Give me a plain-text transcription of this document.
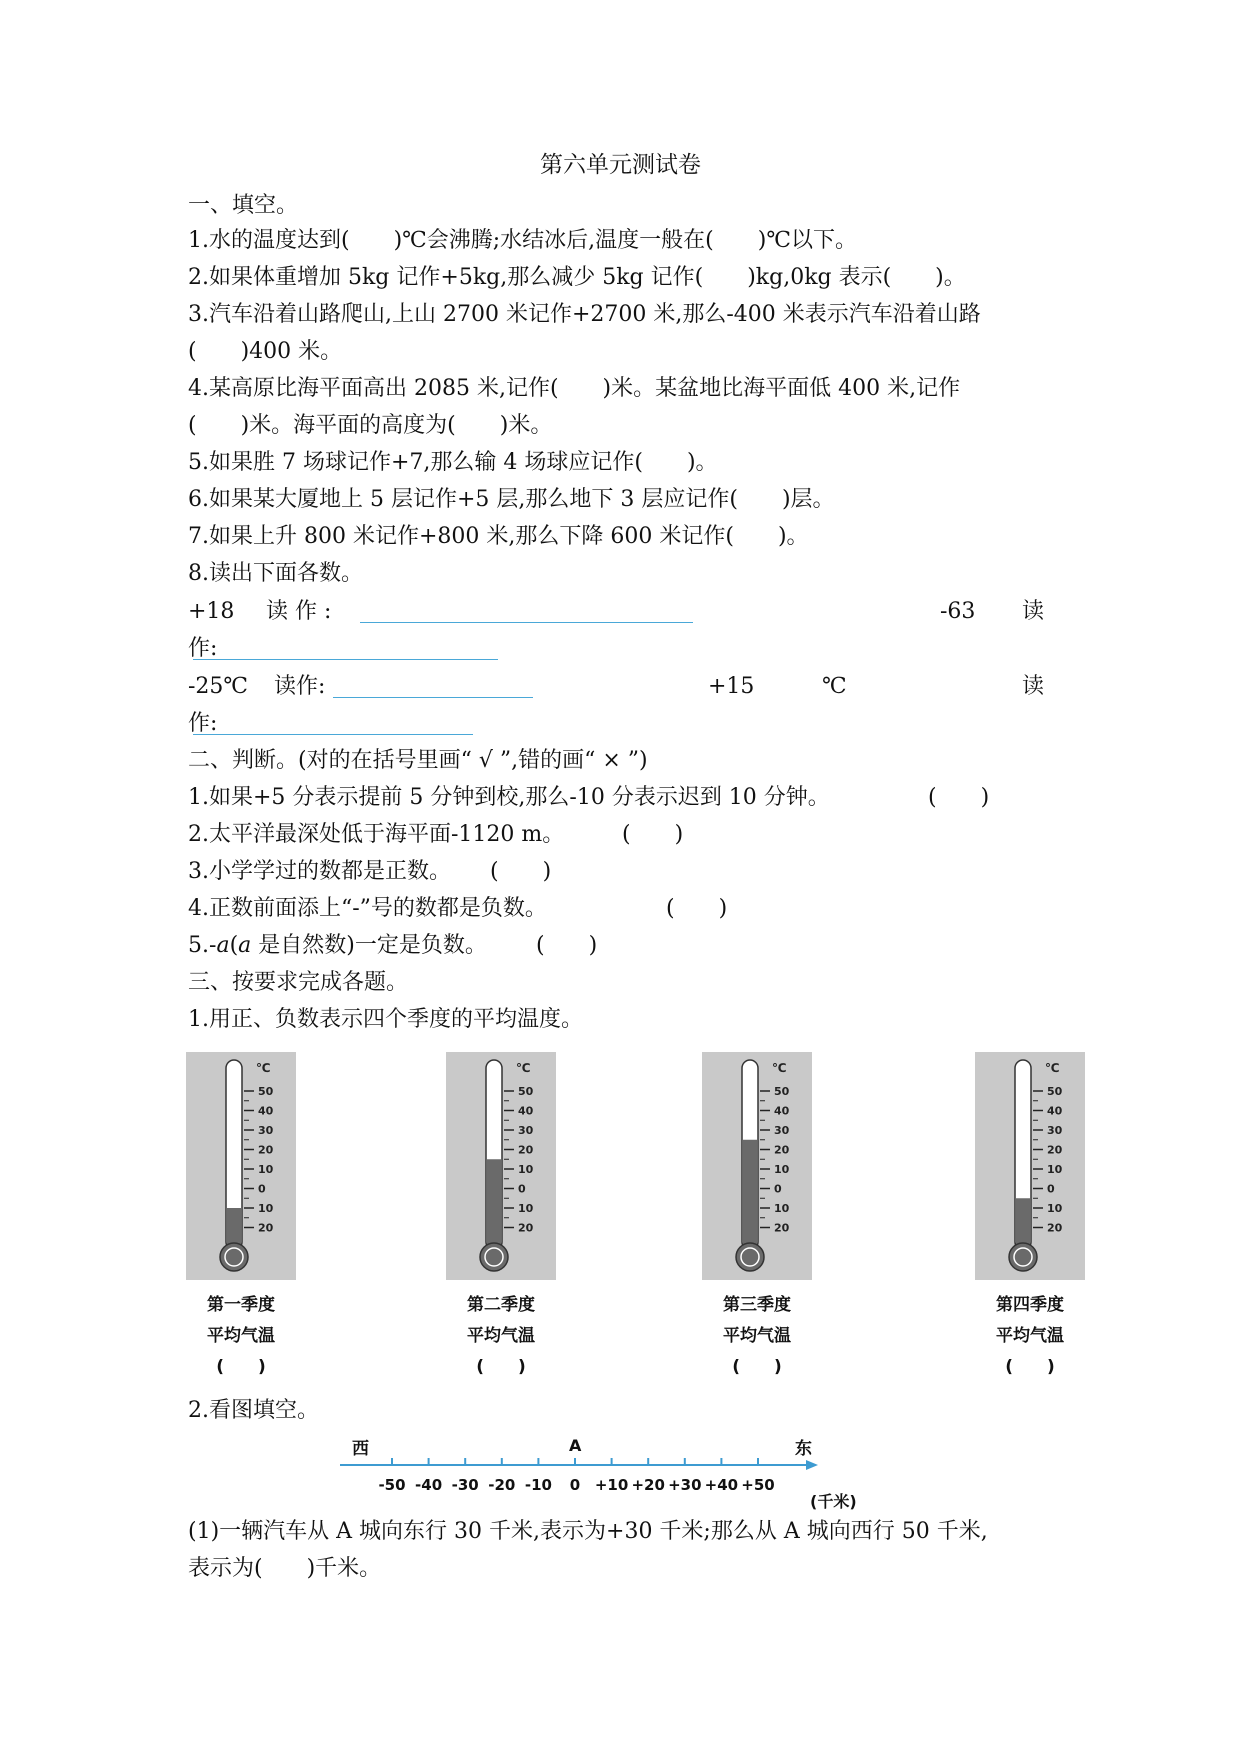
第六单元测试卷
一、填空。
1.水的温度达到(　　)℃会沸腾;水结冰后,温度一般在(　　)℃以下。
2.如果体重增加 5kg 记作+5kg,那么减少 5kg 记作(　　)kg,0kg 表示(　　)。
3.汽车沿着山路爬山,上山 2700 米记作+2700 米,那么-400 米表示汽车沿着山路
(　　)400 米。
4.某高原比海平面高出 2085 米,记作(　　)米。某盆地比海平面低 400 米,记作
(　　)米。海平面的高度为(　　)米。
5.如果胜 7 场球记作+7,那么输 4 场球应记作(　　)。
6.如果某大厦地上 5 层记作+5 层,那么地下 3 层应记作(　　)层。
7.如果上升 800 米记作+800 米,那么下降 600 米记作(　　)。
8.读出下面各数。
+18 读 作 :	-63 读
作:
-25℃ 读作:	+15	℃	读
作:
二、判断。(对的在括号里画“ √ ”,错的画“ × ”)
1.如果+5 分表示提前 5 分钟到校,那么-10 分表示迟到 10 分钟。	(　　)
2.太平洋最深处低于海平面-1120 m。	(　　)
3.小学学过的数都是正数。 (　　)
4.正数前面添上“-”号的数都是负数。	(　　)
5.-a(a 是自然数)一定是负数。 (　　)
三、按要求完成各题。
1.用正、负数表示四个季度的平均温度。
℃
50
40
30
20
10
0
10
20
第一季度
平均气温
(　　)
℃
50
40
30
20
10
0
10
20
第二季度
平均气温
(　　)
℃
50
40
30
20
10
0
10
20
第三季度
平均气温
(　　)
℃
50
40
30
20
10
0
10
20
第四季度
平均气温
(　　)
2.看图填空。
西	东
A
-50 -40 -30 -20 -10 0 +10 +20 +30 +40 +50
(千米)
(1)一辆汽车从 A 城向东行 30 千米,表示为+30 千米;那么从 A 城向西行 50 千米,
表示为(　　)千米。
